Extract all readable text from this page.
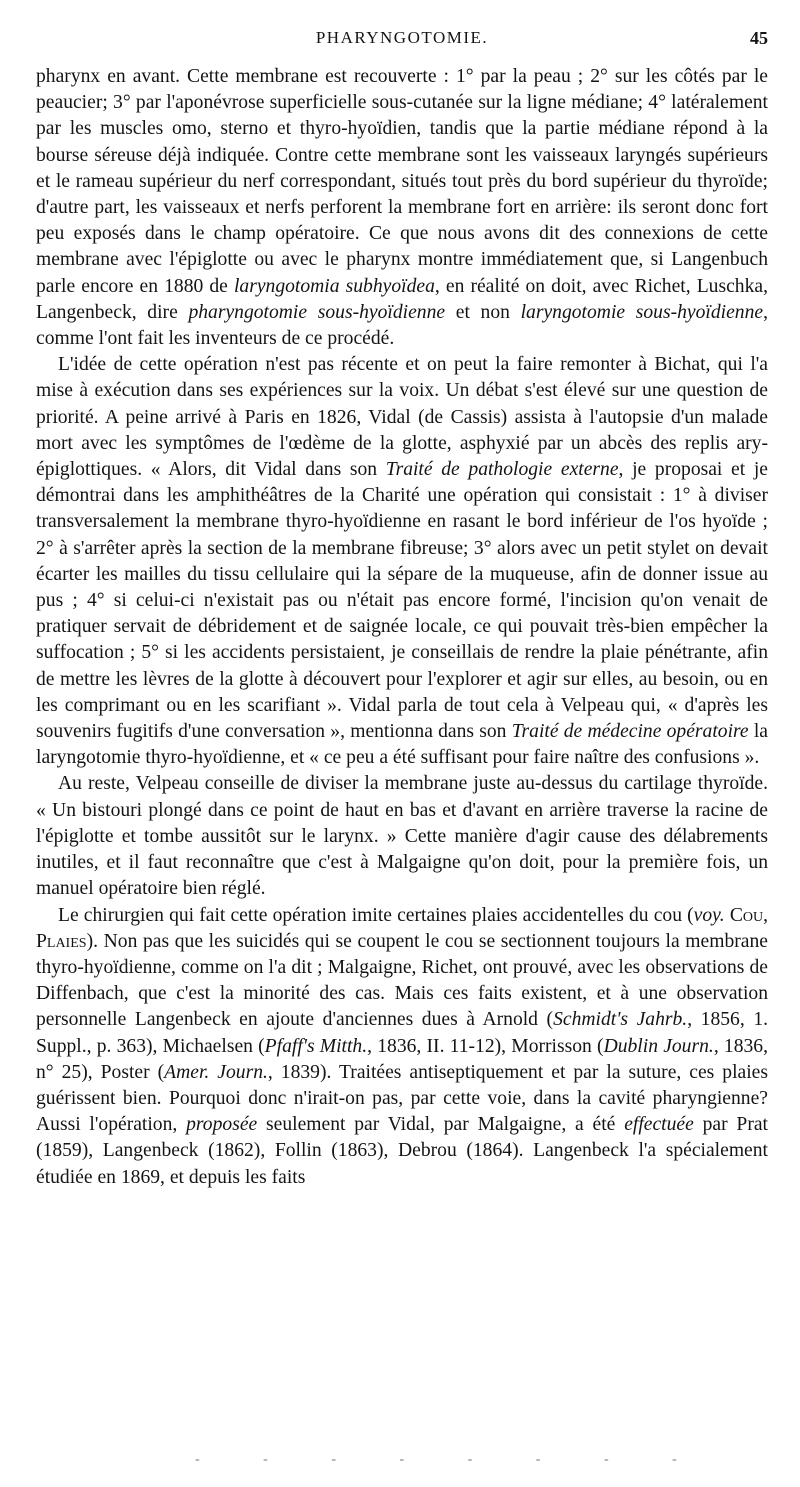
PHARYNGOTOMIE.	45

pharynx en avant. Cette membrane est recouverte : 1° par la peau ; 2° sur les côtés par le peaucier; 3° par l'aponévrose superficielle sous-cutanée sur la ligne médiane; 4° latéralement par les muscles omo, sterno et thyro-hyoïdien, tandis que la partie médiane répond à la bourse séreuse déjà indiquée. Contre cette membrane sont les vaisseaux laryngés supérieurs et le rameau supérieur du nerf correspondant, situés tout près du bord supérieur du thyroïde; d'autre part, les vaisseaux et nerfs perforent la membrane fort en arrière: ils seront donc fort peu exposés dans le champ opératoire. Ce que nous avons dit des connexions de cette membrane avec l'épiglotte ou avec le pharynx montre immédiatement que, si Langenbuch parle encore en 1880 de laryngotomia subhyoïdea, en réalité on doit, avec Richet, Luschka, Langenbeck, dire pharyngotomie sous-hyoïdienne et non laryngotomie sous-hyoïdienne, comme l'ont fait les inventeurs de ce procédé.

L'idée de cette opération n'est pas récente et on peut la faire remonter à Bichat, qui l'a mise à exécution dans ses expériences sur la voix. Un débat s'est élevé sur une question de priorité. A peine arrivé à Paris en 1826, Vidal (de Cassis) assista à l'autopsie d'un malade mort avec les symptômes de l'œdème de la glotte, asphyxié par un abcès des replis ary-épiglottiques. « Alors, dit Vidal dans son Traité de pathologie externe, je proposai et je démontrai dans les amphithéâtres de la Charité une opération qui consistait : 1° à diviser transversalement la membrane thyro-hyoïdienne en rasant le bord inférieur de l'os hyoïde ; 2° à s'arrêter après la section de la membrane fibreuse; 3° alors avec un petit stylet on devait écarter les mailles du tissu cellulaire qui la sépare de la muqueuse, afin de donner issue au pus ; 4° si celui-ci n'existait pas ou n'était pas encore formé, l'incision qu'on venait de pratiquer servait de débridement et de saignée locale, ce qui pouvait très-bien empêcher la suffocation ; 5° si les accidents persistaient, je conseillais de rendre la plaie pénétrante, afin de mettre les lèvres de la glotte à découvert pour l'explorer et agir sur elles, au besoin, ou en les comprimant ou en les scarifiant ». Vidal parla de tout cela à Velpeau qui, « d'après les souvenirs fugitifs d'une conversation », mentionna dans son Traité de médecine opératoire la laryngotomie thyro-hyoïdienne, et « ce peu a été suffisant pour faire naître des confusions ».

Au reste, Velpeau conseille de diviser la membrane juste au-dessus du cartilage thyroïde. « Un bistouri plongé dans ce point de haut en bas et d'avant en arrière traverse la racine de l'épiglotte et tombe aussitôt sur le larynx. » Cette manière d'agir cause des délabrements inutiles, et il faut reconnaître que c'est à Malgaigne qu'on doit, pour la première fois, un manuel opératoire bien réglé.

Le chirurgien qui fait cette opération imite certaines plaies accidentelles du cou (voy. Cou, Plaies). Non pas que les suicidés qui se coupent le cou se sectionnent toujours la membrane thyro-hyoïdienne, comme on l'a dit ; Malgaigne, Richet, ont prouvé, avec les observations de Diffenbach, que c'est la minorité des cas. Mais ces faits existent, et à une observation personnelle Langenbeck en ajoute d'anciennes dues à Arnold (Schmidt's Jahrb., 1856, 1. Suppl., p. 363), Michaelsen (Pfaff's Mitth., 1836, II. 11-12), Morrisson (Dublin Journ., 1836, n° 25), Poster (Amer. Journ., 1839). Traitées antiseptiquement et par la suture, ces plaies guérissent bien. Pourquoi donc n'irait-on pas, par cette voie, dans la cavité pharyngienne? Aussi l'opération, proposée seulement par Vidal, par Malgaigne, a été effectuée par Prat (1859), Langenbeck (1862), Follin (1863), Debrou (1864). Langenbeck l'a spécialement étudiée en 1869, et depuis les faits

- - - - - - - -
